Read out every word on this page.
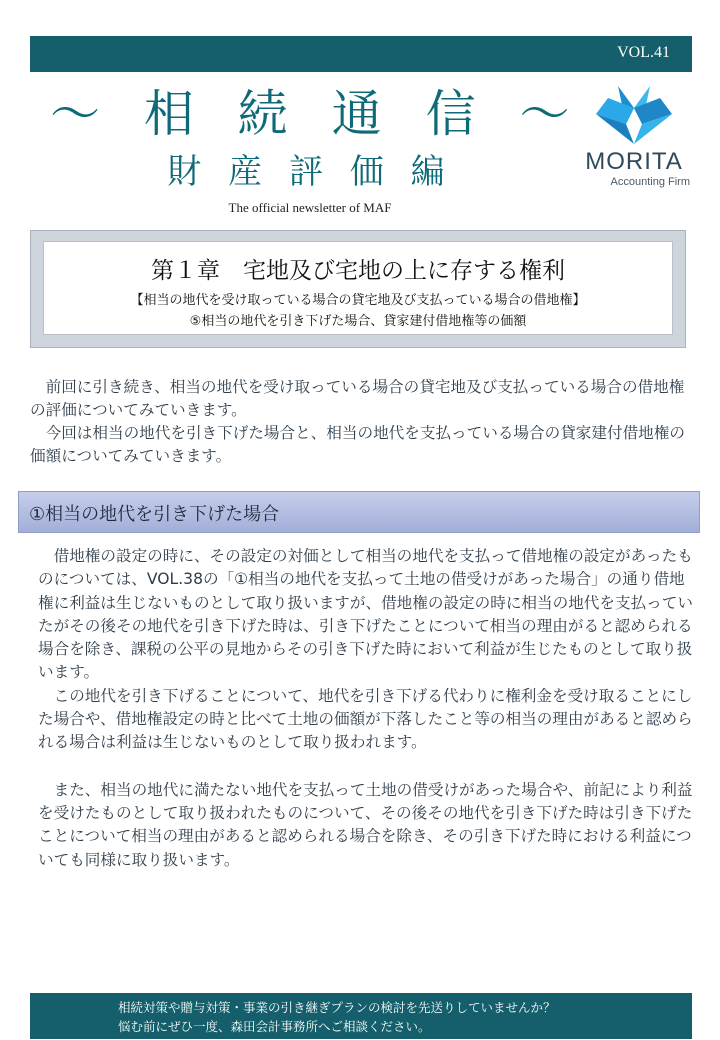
VOL.41
～ 相 続 通 信 ～
財 産 評 価 編
The official newsletter of MAF
MORITA
Accounting Firm
第１章　宅地及び宅地の上に存する権利
【相当の地代を受け取っている場合の貸宅地及び支払っている場合の借地権】
⑤相当の地代を引き下げた場合、貸家建付借地権等の価額

　前回に引き続き、相当の地代を受け取っている場合の貸宅地及び支払っている場合の借地権の評価についてみていきます。

　今回は相当の地代を引き下げた場合と、相当の地代を支払っている場合の貸家建付借地権の価額についてみていきます。

①相当の地代を引き下げた場合

　借地権の設定の時に、その設定の対価として相当の地代を支払って借地権の設定があったものについては、VOL.38の「①相当の地代を支払って土地の借受けがあった場合」の通り借地権に利益は生じないものとして取り扱いますが、借地権の設定の時に相当の地代を支払っていたがその後その地代を引き下げた時は、引き下げたことについて相当の理由がると認められる場合を除き、課税の公平の見地からその引き下げた時において利益が生じたものとして取り扱います。

　この地代を引き下げることについて、地代を引き下げる代わりに権利金を受け取ることにした場合や、借地権設定の時と比べて土地の価額が下落したこと等の相当の理由があると認められる場合は利益は生じないものとして取り扱われます。

　また、相当の地代に満たない地代を支払って土地の借受けがあった場合や、前記により利益を受けたものとして取り扱われたものについて、その後その地代を引き下げた時は引き下げたことについて相当の理由があると認められる場合を除き、その引き下げた時における利益についても同様に取り扱います。

相続対策や贈与対策・事業の引き継ぎプランの検討を先送りしていませんか？
悩む前にぜひ一度、森田会計事務所へご相談ください。
